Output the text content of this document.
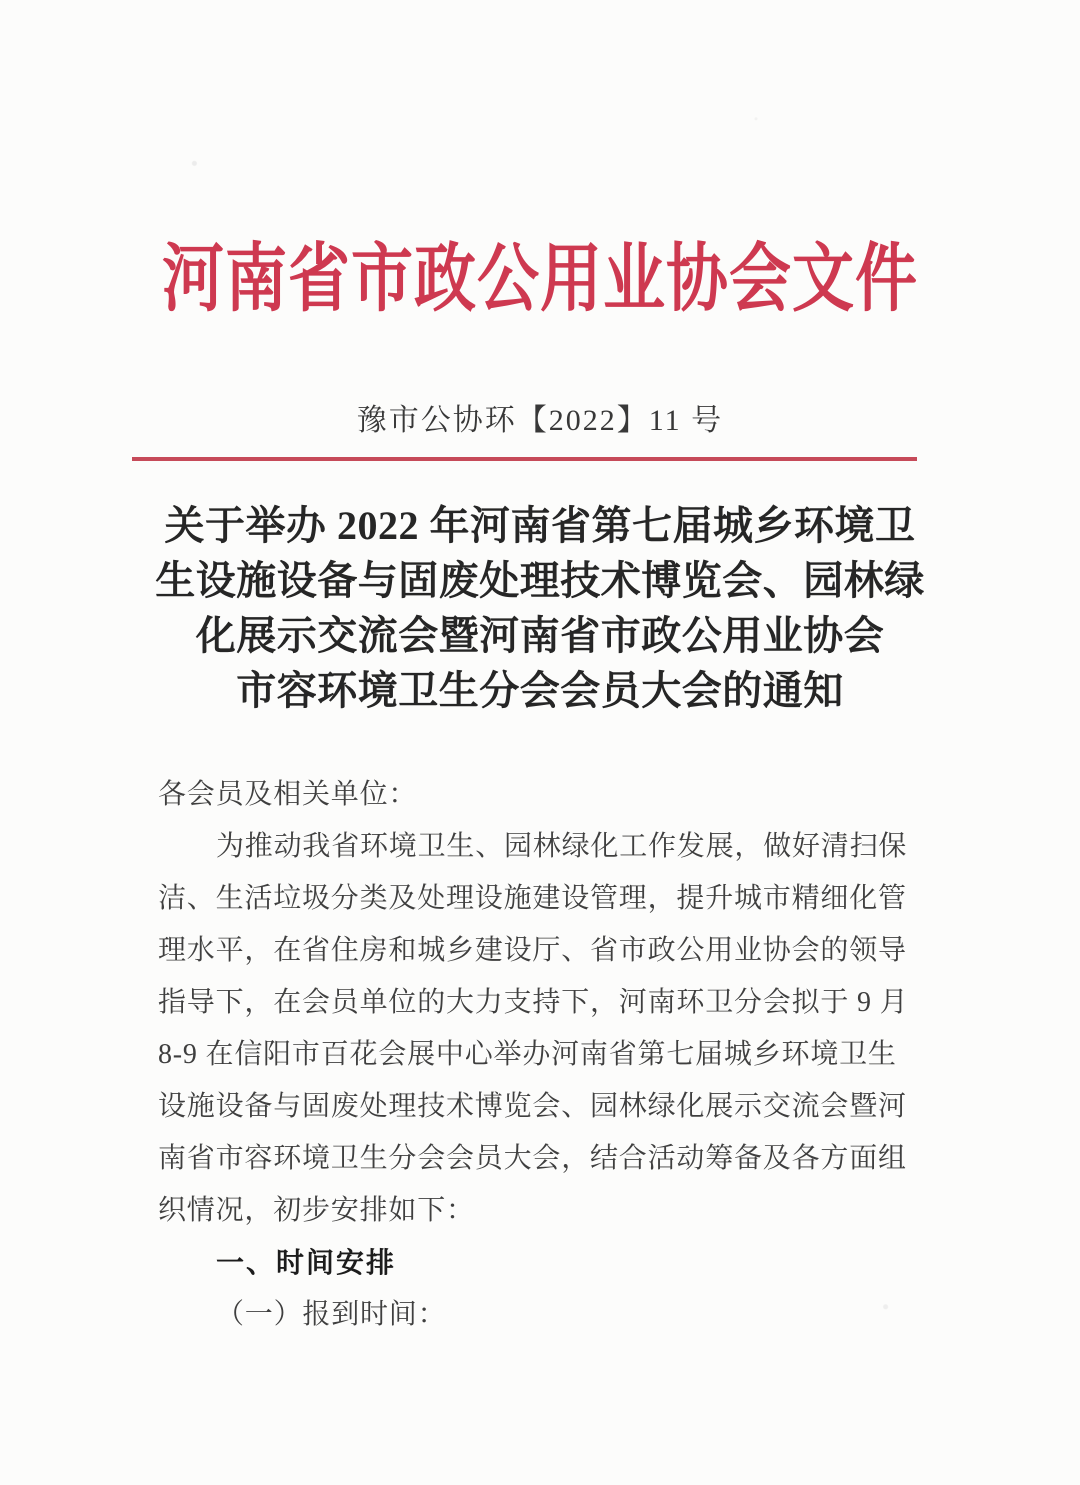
河南省市政公用业协会文件
豫市公协环【2022】11 号
关于举办 2022 年河南省第七届城乡环境卫
生设施设备与固废处理技术博览会、园林绿
化展示交流会暨河南省市政公用业协会
市容环境卫生分会会员大会的通知
各会员及相关单位：
为推动我省环境卫生、园林绿化工作发展，做好清扫保
洁、生活垃圾分类及处理设施建设管理，提升城市精细化管
理水平，在省住房和城乡建设厅、省市政公用业协会的领导
指导下，在会员单位的大力支持下，河南环卫分会拟于 9 月
8-9 在信阳市百花会展中心举办河南省第七届城乡环境卫生
设施设备与固废处理技术博览会、园林绿化展示交流会暨河
南省市容环境卫生分会会员大会，结合活动筹备及各方面组
织情况，初步安排如下：
一、时间安排
（一）报到时间：
